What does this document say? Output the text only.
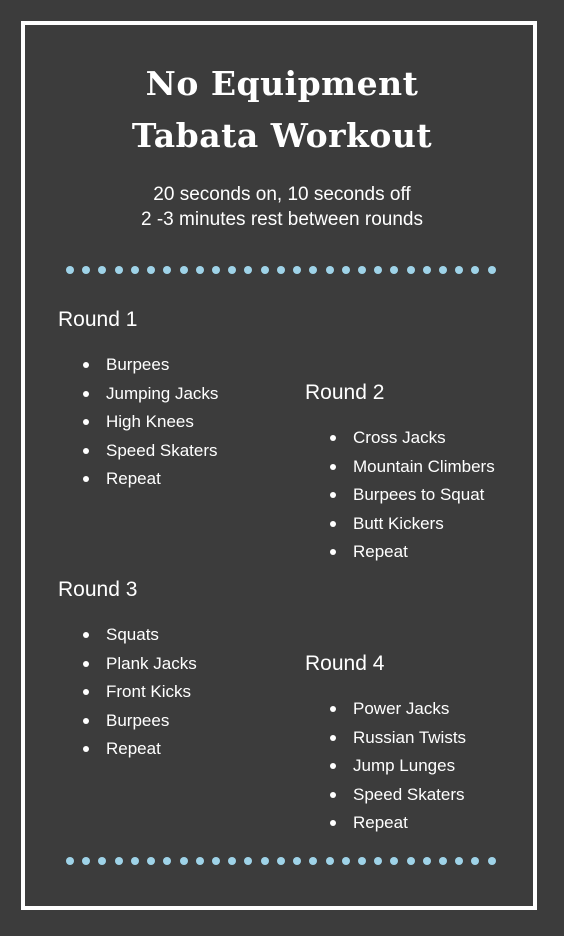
No Equipment
Tabata Workout
20 seconds on, 10 seconds off
2 -3 minutes rest between rounds
Round 1
Burpees
Jumping Jacks
High Knees
Speed Skaters
Repeat
Round 2
Cross Jacks
Mountain Climbers
Burpees to Squat
Butt Kickers
Repeat
Round 3
Squats
Plank Jacks
Front Kicks
Burpees
Repeat
Round 4
Power Jacks
Russian Twists
Jump Lunges
Speed Skaters
Repeat
